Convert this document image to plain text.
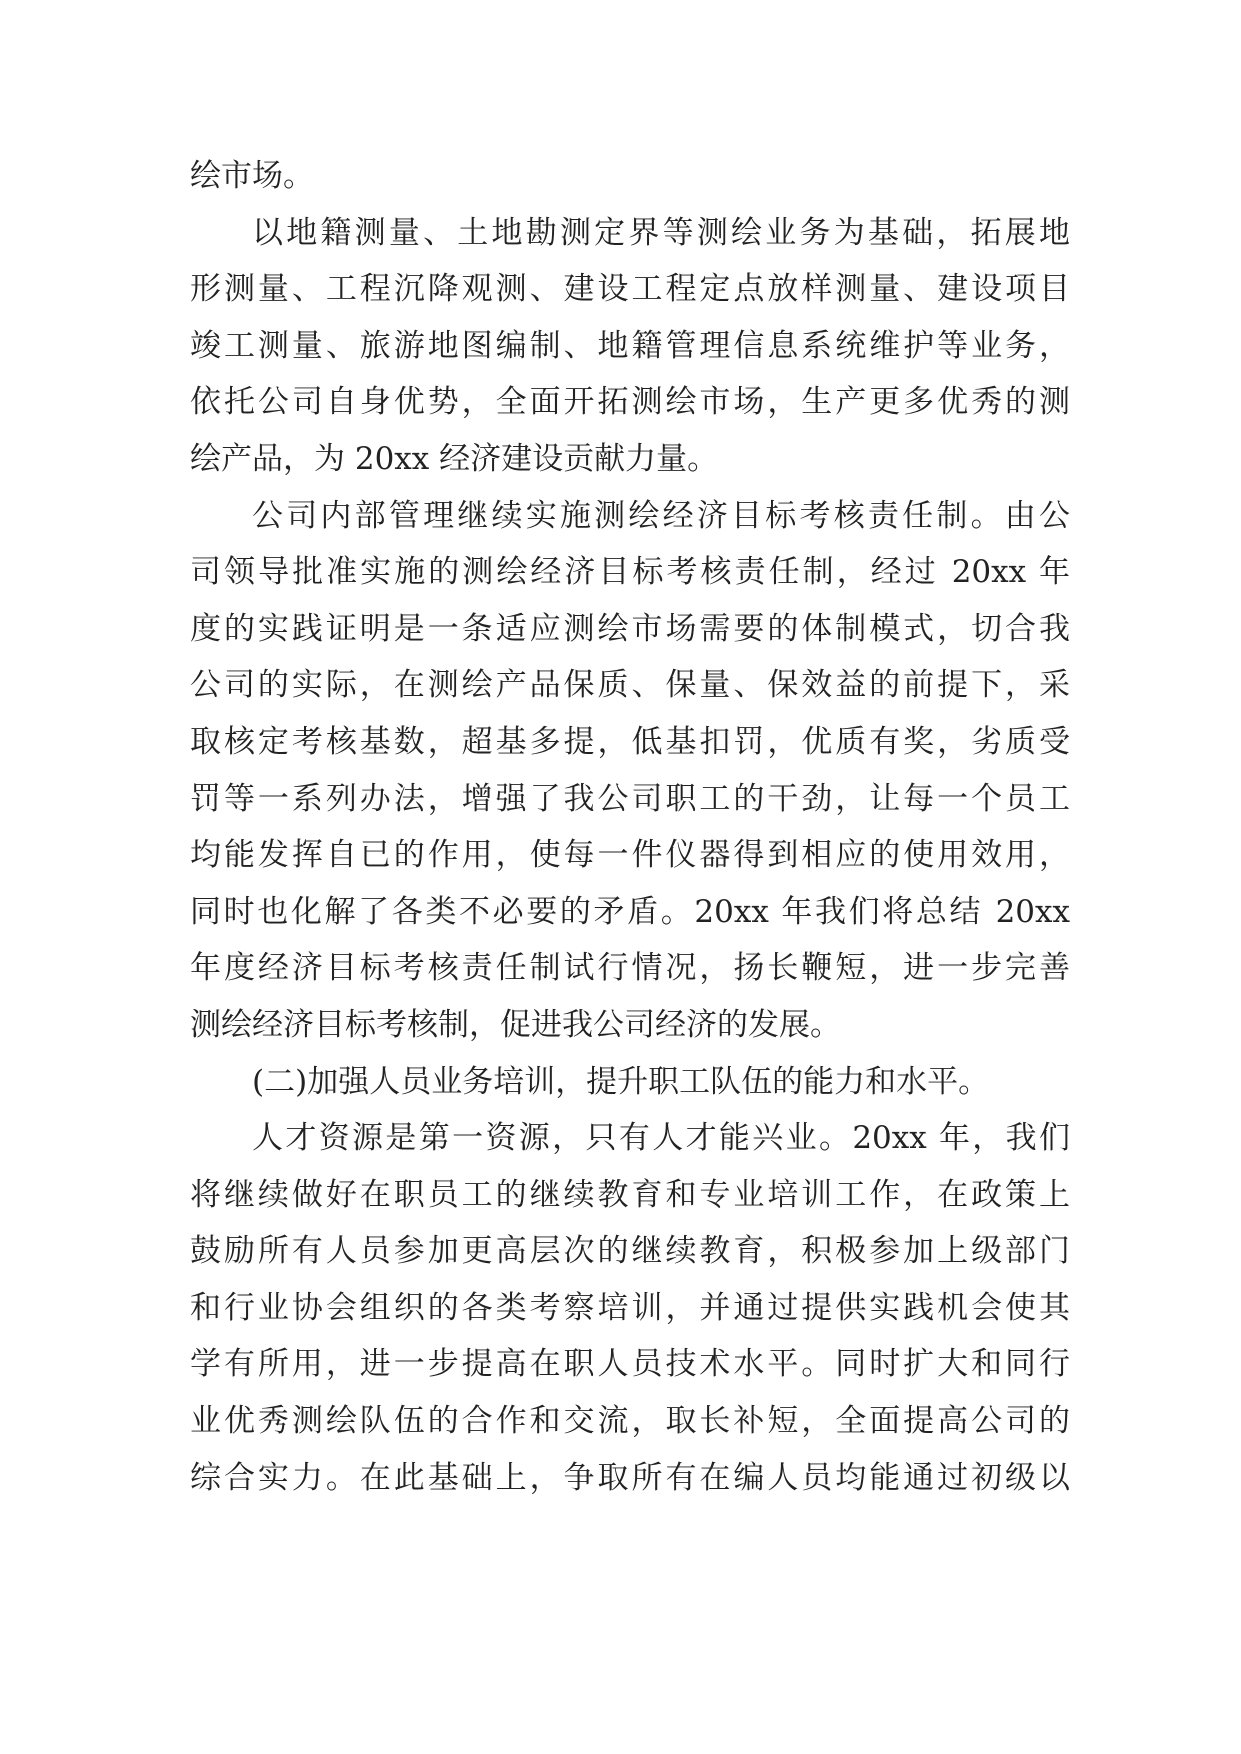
绘市场。
以地籍测量、土地勘测定界等测绘业务为基础，拓展地
形测量、工程沉降观测、建设工程定点放样测量、建设项目
竣工测量、旅游地图编制、地籍管理信息系统维护等业务，
依托公司自身优势，全面开拓测绘市场，生产更多优秀的测
绘产品，为 20xx 经济建设贡献力量。
公司内部管理继续实施测绘经济目标考核责任制。由公
司领导批准实施的测绘经济目标考核责任制，经过 20xx 年
度的实践证明是一条适应测绘市场需要的体制模式，切合我
公司的实际，在测绘产品保质、保量、保效益的前提下，采
取核定考核基数，超基多提，低基扣罚，优质有奖，劣质受
罚等一系列办法，增强了我公司职工的干劲，让每一个员工
均能发挥自已的作用，使每一件仪器得到相应的使用效用，
同时也化解了各类不必要的矛盾。20xx 年我们将总结 20xx
年度经济目标考核责任制试行情况，扬长鞭短，进一步完善
测绘经济目标考核制，促进我公司经济的发展。
(二)加强人员业务培训，提升职工队伍的能力和水平。
人才资源是第一资源，只有人才能兴业。20xx 年，我们
将继续做好在职员工的继续教育和专业培训工作，在政策上
鼓励所有人员参加更高层次的继续教育，积极参加上级部门
和行业协会组织的各类考察培训，并通过提供实践机会使其
学有所用，进一步提高在职人员技术水平。同时扩大和同行
业优秀测绘队伍的合作和交流，取长补短，全面提高公司的
综合实力。在此基础上，争取所有在编人员均能通过初级以
